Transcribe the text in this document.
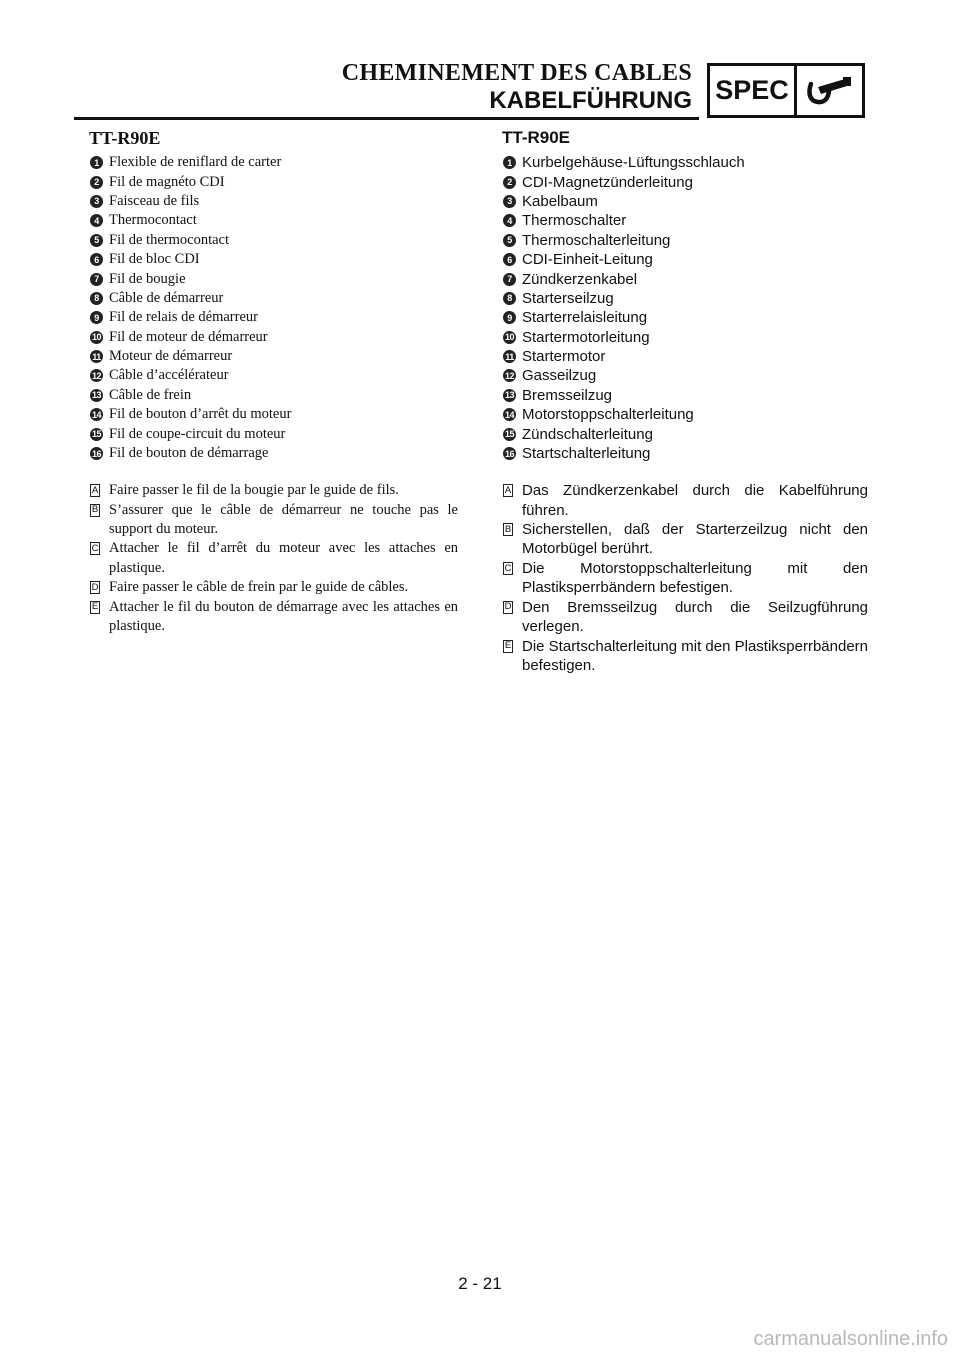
CHEMINEMENT DES CABLES
KABELFÜHRUNG SPEC
TT-R90E
1 Flexible de reniflard de carter
2 Fil de magnéto CDI
3 Faisceau de fils
4 Thermocontact
5 Fil de thermocontact
6 Fil de bloc CDI
7 Fil de bougie
8 Câble de démarreur
9 Fil de relais de démarreur
10 Fil de moteur de démarreur
11 Moteur de démarreur
12 Câble d’accélérateur
13 Câble de frein
14 Fil de bouton d’arrêt du moteur
15 Fil de coupe-circuit du moteur
16 Fil de bouton de démarrage
A Faire passer le fil de la bougie par le guide de fils.
B S’assurer que le câble de démarreur ne touche pas le support du moteur.
C Attacher le fil d’arrêt du moteur avec les attaches en plastique.
D Faire passer le câble de frein par le guide de câbles.
E Attacher le fil du bouton de démarrage avec les attaches en plastique.
TT-R90E
1 Kurbelgehäuse-Lüftungsschlauch
2 CDI-Magnetzünderleitung
3 Kabelbaum
4 Thermoschalter
5 Thermoschalterleitung
6 CDI-Einheit-Leitung
7 Zündkerzenkabel
8 Starterseilzug
9 Starterrelaisleitung
10 Startermotorleitung
11 Startermotor
12 Gasseilzug
13 Bremsseilzug
14 Motorstoppschalterleitung
15 Zündschalterleitung
16 Startschalterleitung
A Das Zündkerzenkabel durch die Kabelführung führen.
B Sicherstellen, daß der Starterzeilzug nicht den Motorbügel berührt.
C Die Motorstoppschalterleitung mit den Plastiksperrbändern befestigen.
D Den Bremsseilzug durch die Seilzugführung verlegen.
E Die Startschalterleitung mit den Plastiksperrbändern befestigen.
2 - 21
carmanualsonline.info
